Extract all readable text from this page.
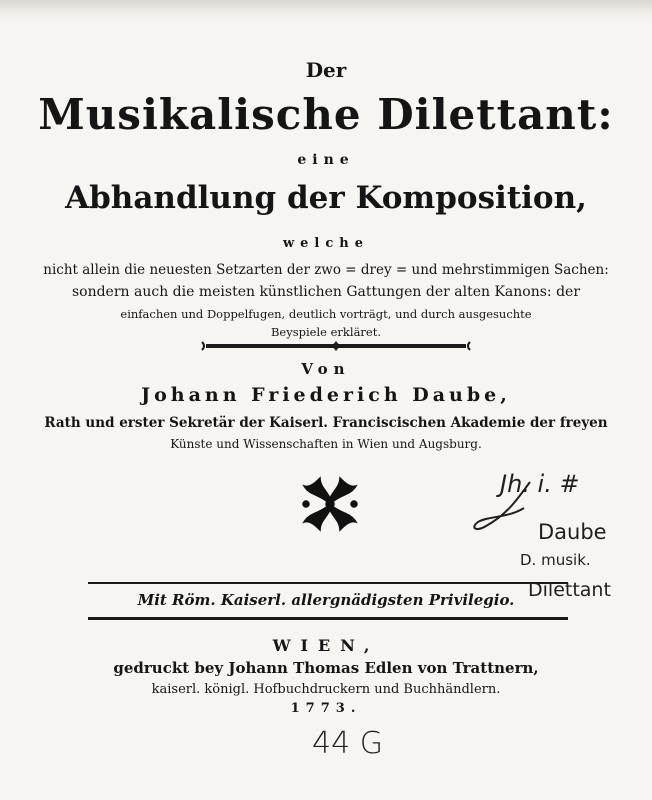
Der
Musikalische Dilettant:
eine
Abhandlung der Komposition,
welche
nicht allein die neuesten Setzarten der zwo = drey = und mehrstimmigen Sachen:
sondern auch die meisten künstlichen Gattungen der alten Kanons: der
einfachen und Doppelfugen, deutlich vorträgt, und durch ausgesuchte
Beyspiele erkläret.
Von
Johann Friederich Daube,
Rath und erster Sekretär der Kaiserl. Franciscischen Akademie der freyen
Künste und Wissenschaften in Wien und Augsburg.
Mit Röm. Kaiserl. allergnädigsten Privilegio.
WIEN,
gedruckt bey Johann Thomas Edlen von Trattnern,
kaiserl. königl. Hofbuchdruckern und Buchhändlern.
1773.
Jh. i. #
Daube
D. musik.
Dilettant
44 G
